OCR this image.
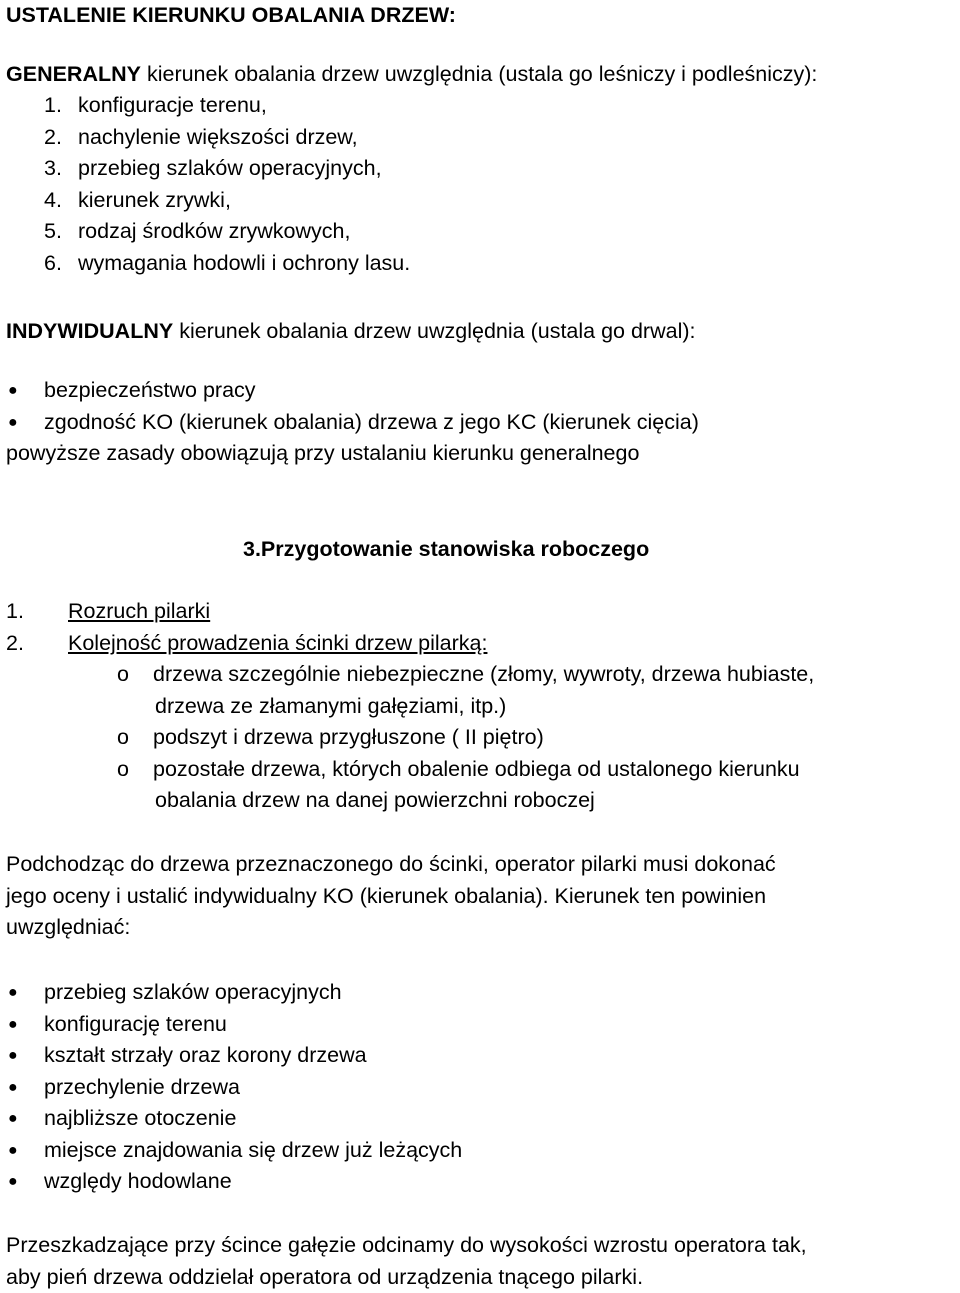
USTALENIE KIERUNKU OBALANIA DRZEW:
GENERALNY kierunek obalania drzew uwzględnia (ustala go leśniczy i podleśniczy):
1. konfiguracje terenu,
2. nachylenie większości drzew,
3. przebieg szlaków operacyjnych,
4. kierunek zrywki,
5. rodzaj środków zrywkowych,
6. wymagania hodowli i ochrony lasu.
INDYWIDUALNY kierunek obalania drzew uwzględnia (ustala go drwal):
●	bezpieczeństwo pracy
●	zgodność KO (kierunek obalania) drzewa z jego KC (kierunek cięcia)
powyższe zasady obowiązują przy ustalaniu kierunku generalnego
3.Przygotowanie stanowiska roboczego
1.	Rozruch pilarki
2.	Kolejność prowadzenia ścinki drzew pilarką:
o	drzewa szczególnie niebezpieczne (złomy, wywroty, drzewa hubiaste,
drzewa ze złamanymi gałęziami, itp.)
o	podszyt i drzewa przygłuszone ( II piętro)
o	pozostałe drzewa, których obalenie odbiega od ustalonego kierunku
obalania drzew na danej powierzchni roboczej
Podchodząc do drzewa przeznaczonego do ścinki, operator pilarki musi dokonać
jego oceny i ustalić indywidualny KO (kierunek obalania). Kierunek ten powinien
uwzględniać:
●	przebieg szlaków operacyjnych
●	konfigurację terenu
●	kształt strzały oraz korony drzewa
●	przechylenie drzewa
●	najbliższe otoczenie
●	miejsce znajdowania się drzew już leżących
●	względy hodowlane
Przeszkadzające przy ścince gałęzie odcinamy do wysokości wzrostu operatora tak,
aby pień drzewa oddzielał operatora od urządzenia tnącego pilarki.
